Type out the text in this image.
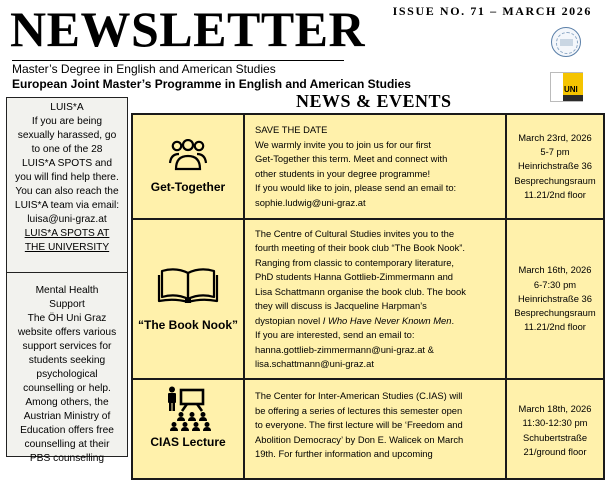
NEWSLETTER
Master’s Degree in English and American Studies
European Joint Master’s Programme in English and American Studies
ISSUE NO. 71 – MARCH 2026
UNI
NEWS & EVENTS
LUIS*A
If you are being
sexually harassed, go
to one of the 28
LUIS*A SPOTS and
you will find help there.
You can also reach the
LUIS*A team via email:
luisa@uni-graz.at
LUIS*A SPOTS AT
THE UNIVERSITY
Mental Health
Support
The ÖH Uni Graz
website offers various
support services for
students seeking
psychological
counselling or help.
Among others, the
Austrian Ministry of
Education offers free
counselling at their
PBS counselling
Get-Together

SAVE THE DATE
We warmly invite you to join us for our first
Get-Together this term. Meet and connect with
other students in your degree programme!
If you would like to join, please send an email to:
sophie.ludwig@uni-graz.at

March 23rd, 2026
5-7 pm
Heinrichstraße 36
Besprechungsraum
11.21/2nd floor

“The Book Nook”

The Centre of Cultural Studies invites you to the
fourth meeting of their book club “The Book Nook”.
Ranging from classic to contemporary literature,
PhD students Hanna Gottlieb-Zimmermann and
Lisa Schattmann organise the book club. The book
they will discuss is Jacqueline Harpman’s
dystopian novel I Who Have Never Known Men.
If you are interested, send an email to:
hanna.gottlieb-zimmermann@uni-graz.at &
lisa.schattmann@uni-graz.at

March 16th, 2026
6-7:30 pm
Heinrichstraße 36
Besprechungsraum
11.21/2nd floor

CIAS Lecture

The Center for Inter-American Studies (C.IAS) will
be offering a series of lectures this semester open
to everyone. The first lecture will be ‘Freedom and
Abolition Democracy’ by Don E. Walicek on March
19th. For further information and upcoming

March 18th, 2026
11:30-12:30 pm
Schubertstraße
21/ground floor
